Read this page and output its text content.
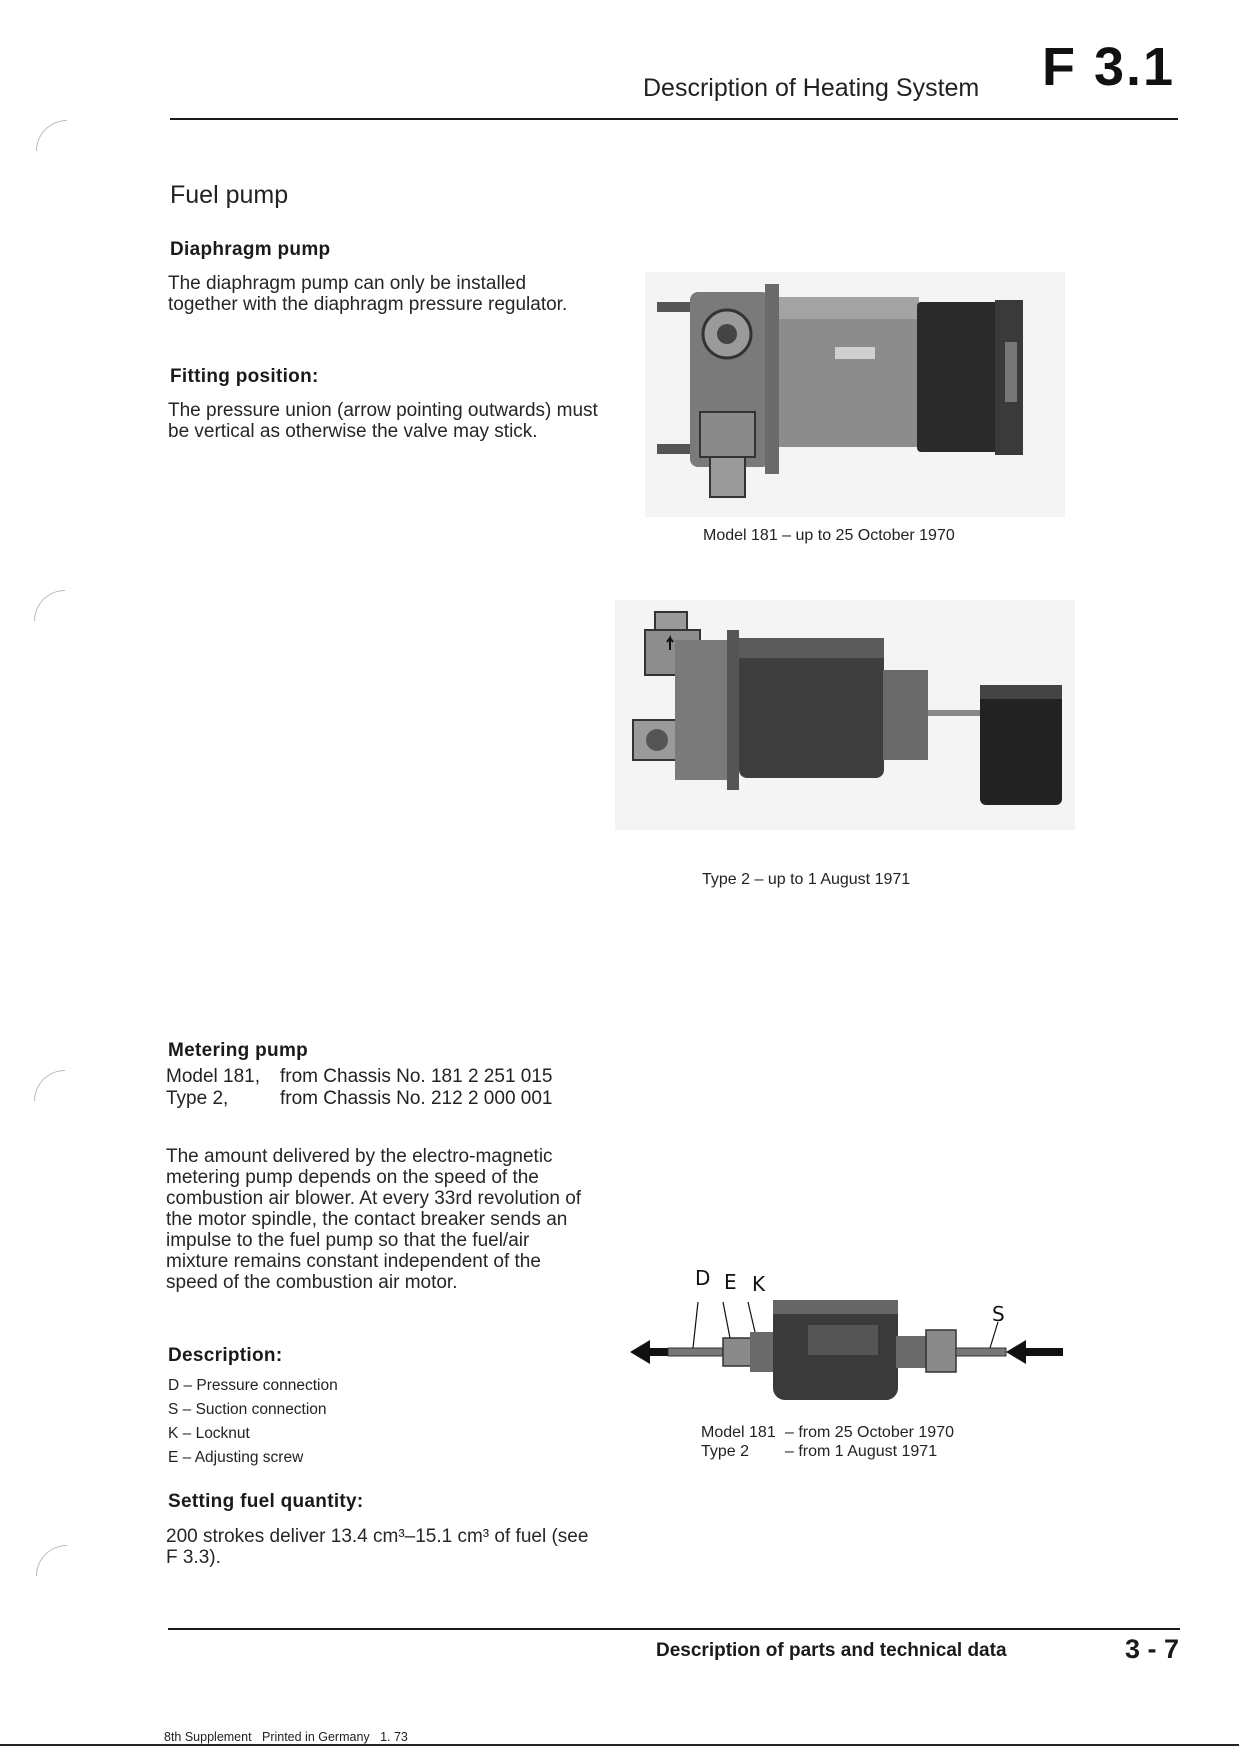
Description of Heating System F 3.1
Fuel pump
Diaphragm pump
The diaphragm pump can only be installed together with the diaphragm pressure regulator.
Fitting position:
The pressure union (arrow pointing outwards) must be vertical as otherwise the valve may stick.
Model 181 – up to 25 October 1970
Type 2 – up to 1 August 1971
Metering pump
Model 181, from Chassis No. 181 2 251 015
Type 2,	from Chassis No. 212 2 000 001
The amount delivered by the electro-magnetic metering pump depends on the speed of the combustion air blower. At every 33rd revolution of the motor spindle, the contact breaker sends an impulse to the fuel pump so that the fuel/air mixture remains constant independent of the speed of the combustion air motor.
Description:
D – Pressure connection
S – Suction connection
K – Locknut
E – Adjusting screw
Setting fuel quantity:
200 strokes deliver 13.4 cm³–15.1 cm³ of fuel (see F 3.3).
D E K
S
Model 181 – from 25 October 1970
Type 2 – from 1 August 1971
Description of parts and technical data	3 - 7
8th Supplement   Printed in Germany   1. 73
